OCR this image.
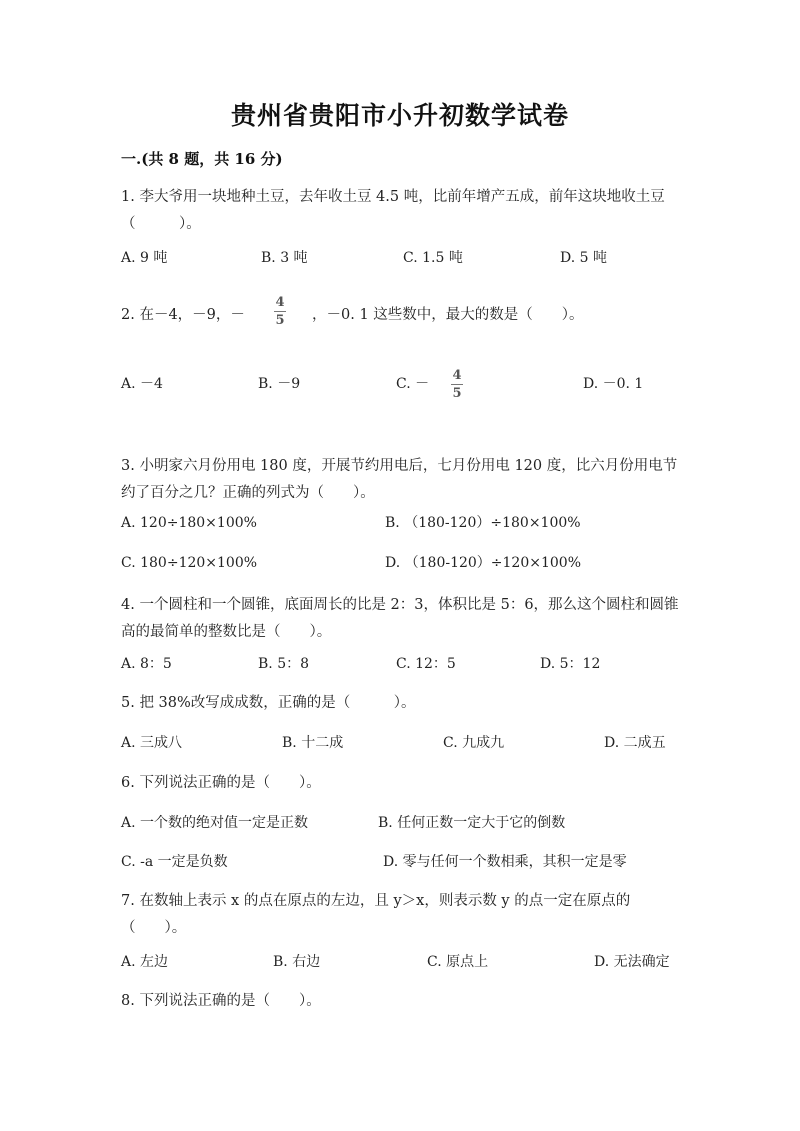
贵州省贵阳市小升初数学试卷
一.(共 8 题，共 16 分)
1. 李大爷用一块地种土豆，去年收土豆 4.5 吨，比前年增产五成，前年这块地收土豆（　　　）。
A. 9 吨	B. 3 吨	C. 1.5 吨	D. 5 吨
2. 在－4，－9，－
4
5 ，－0. 1 这些数中，最大的数是（　　）。
A. －4	B. －9	C. －
4
5
D. －0. 1
3. 小明家六月份用电 180 度，开展节约用电后，七月份用电 120 度，比六月份用电节约了百分之几？正确的列式为（　　）。
A. 120÷180×100%	B. （180-120）÷180×100%
C. 180÷120×100%	D. （180-120）÷120×100%
4. 一个圆柱和一个圆锥，底面周长的比是 2：3，体积比是 5：6，那么这个圆柱和圆锥高的最简单的整数比是（　　）。
A. 8：5	B. 5：8	C. 12：5	D. 5：12
5. 把 38%改写成成数，正确的是（　　　）。
A. 三成八	B. 十二成	C. 九成九	D. 二成五
6. 下列说法正确的是（　　）。
A. 一个数的绝对值一定是正数	B. 任何正数一定大于它的倒数
C. -a 一定是负数	D. 零与任何一个数相乘，其积一定是零
7. 在数轴上表示 x 的点在原点的左边，且 y＞x，则表示数 y 的点一定在原点的（　　）。
A. 左边	B. 右边	C. 原点上	D. 无法确定
8. 下列说法正确的是（　　）。
